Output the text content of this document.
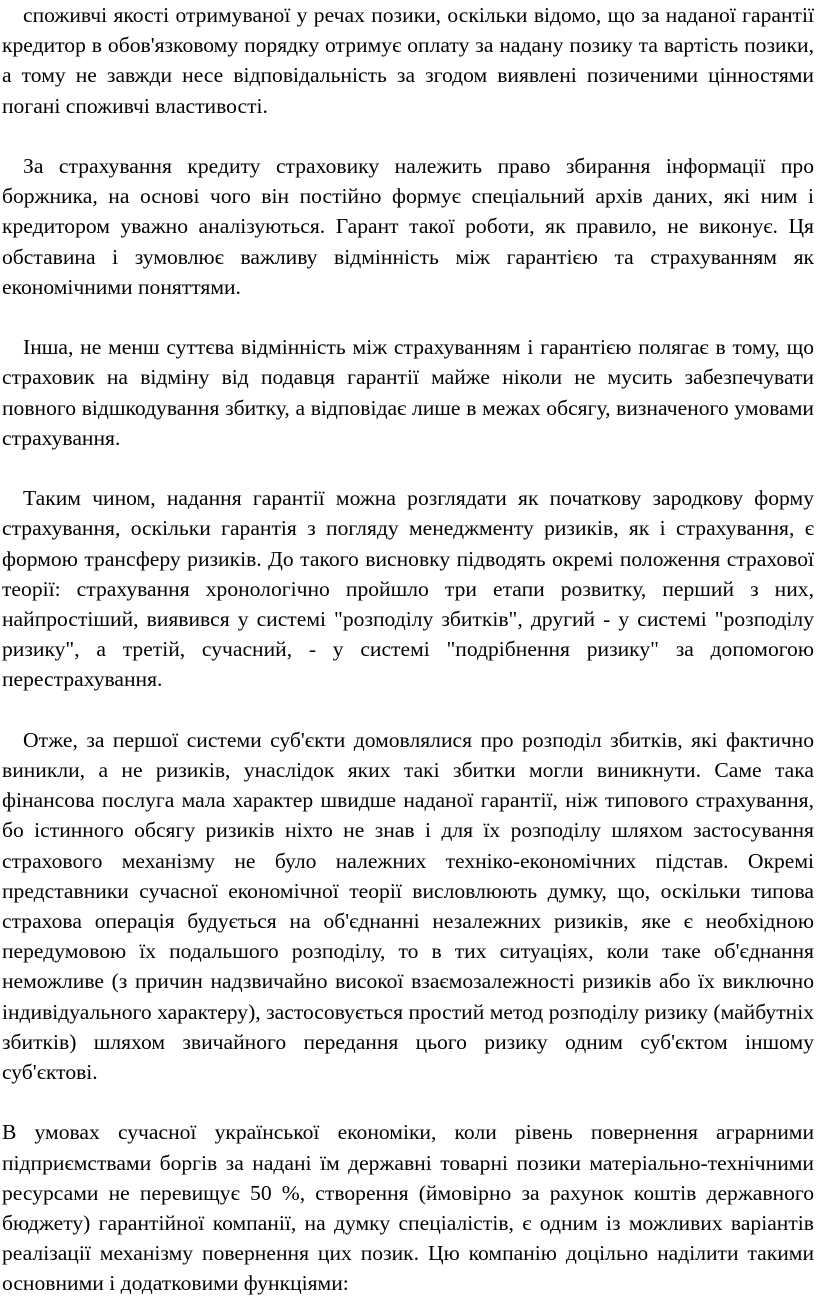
споживчі якості отримуваної у речах позики, оскільки відомо, що за наданої гарантії кредитор в обов'язковому порядку отримує оплату за надану позику та вартість позики, а тому не завжди несе відповідальність за згодом виявлені позиченими цінностями погані споживчі властивості.

За страхування кредиту страховику належить право збирання інформації про боржника, на основі чого він постійно формує спеціальний архів даних, які ним і кредитором уважно аналізуються. Гарант такої роботи, як правило, не виконує. Ця обставина і зумовлює важливу відмінність між гарантією та страхуванням як економічними поняттями.

Інша, не менш суттєва відмінність між страхуванням і гарантією полягає в тому, що страховик на відміну від подавця гарантії майже ніколи не мусить забезпечувати повного відшкодування збитку, а відповідає лише в межах обсягу, визначеного умовами страхування.

Таким чином, надання гарантії можна розглядати як початкову зародкову форму страхування, оскільки гарантія з погляду менеджменту ризиків, як і страхування, є формою трансферу ризиків. До такого висновку підводять окремі положення страхової теорії: страхування хронологічно пройшло три етапи розвитку, перший з них, найпростіший, виявився у системі "розподілу збитків", другий - у системі "розподілу ризику", а третій, сучасний, - у системі "подрібнення ризику" за допомогою перестрахування.

Отже, за першої системи суб'єкти домовлялися про розподіл збитків, які фактично виникли, а не ризиків, унаслідок яких такі збитки могли виникнути. Саме така фінансова послуга мала характер швидше наданої гарантії, ніж типового страхування, бо істинного обсягу ризиків ніхто не знав і для їх розподілу шляхом застосування страхового механізму не було належних техніко-економічних підстав. Окремі представники сучасної економічної теорії висловлюють думку, що, оскільки типова страхова операція будується на об'єднанні незалежних ризиків, яке є необхідною передумовою їх подальшого розподілу, то в тих ситуаціях, коли таке об'єднання неможливе (з причин надзвичайно високої взаємозалежності ризиків або їх виключно індивідуального характеру), застосовується простий метод розподілу ризику (майбутніх збитків) шляхом звичайного передання цього ризику одним суб'єктом іншому суб'єктові.

В умовах сучасної української економіки, коли рівень повернення аграрними підприємствами боргів за надані їм державні товарні позики матеріально-технічними ресурсами не перевищує 50 %, створення (ймовірно за рахунок коштів державного бюджету) гарантійної компанії, на думку спеціалістів, є одним із можливих варіантів реалізації механізму повернення цих позик. Цю компанію доцільно наділити такими основними і додатковими функціями:
